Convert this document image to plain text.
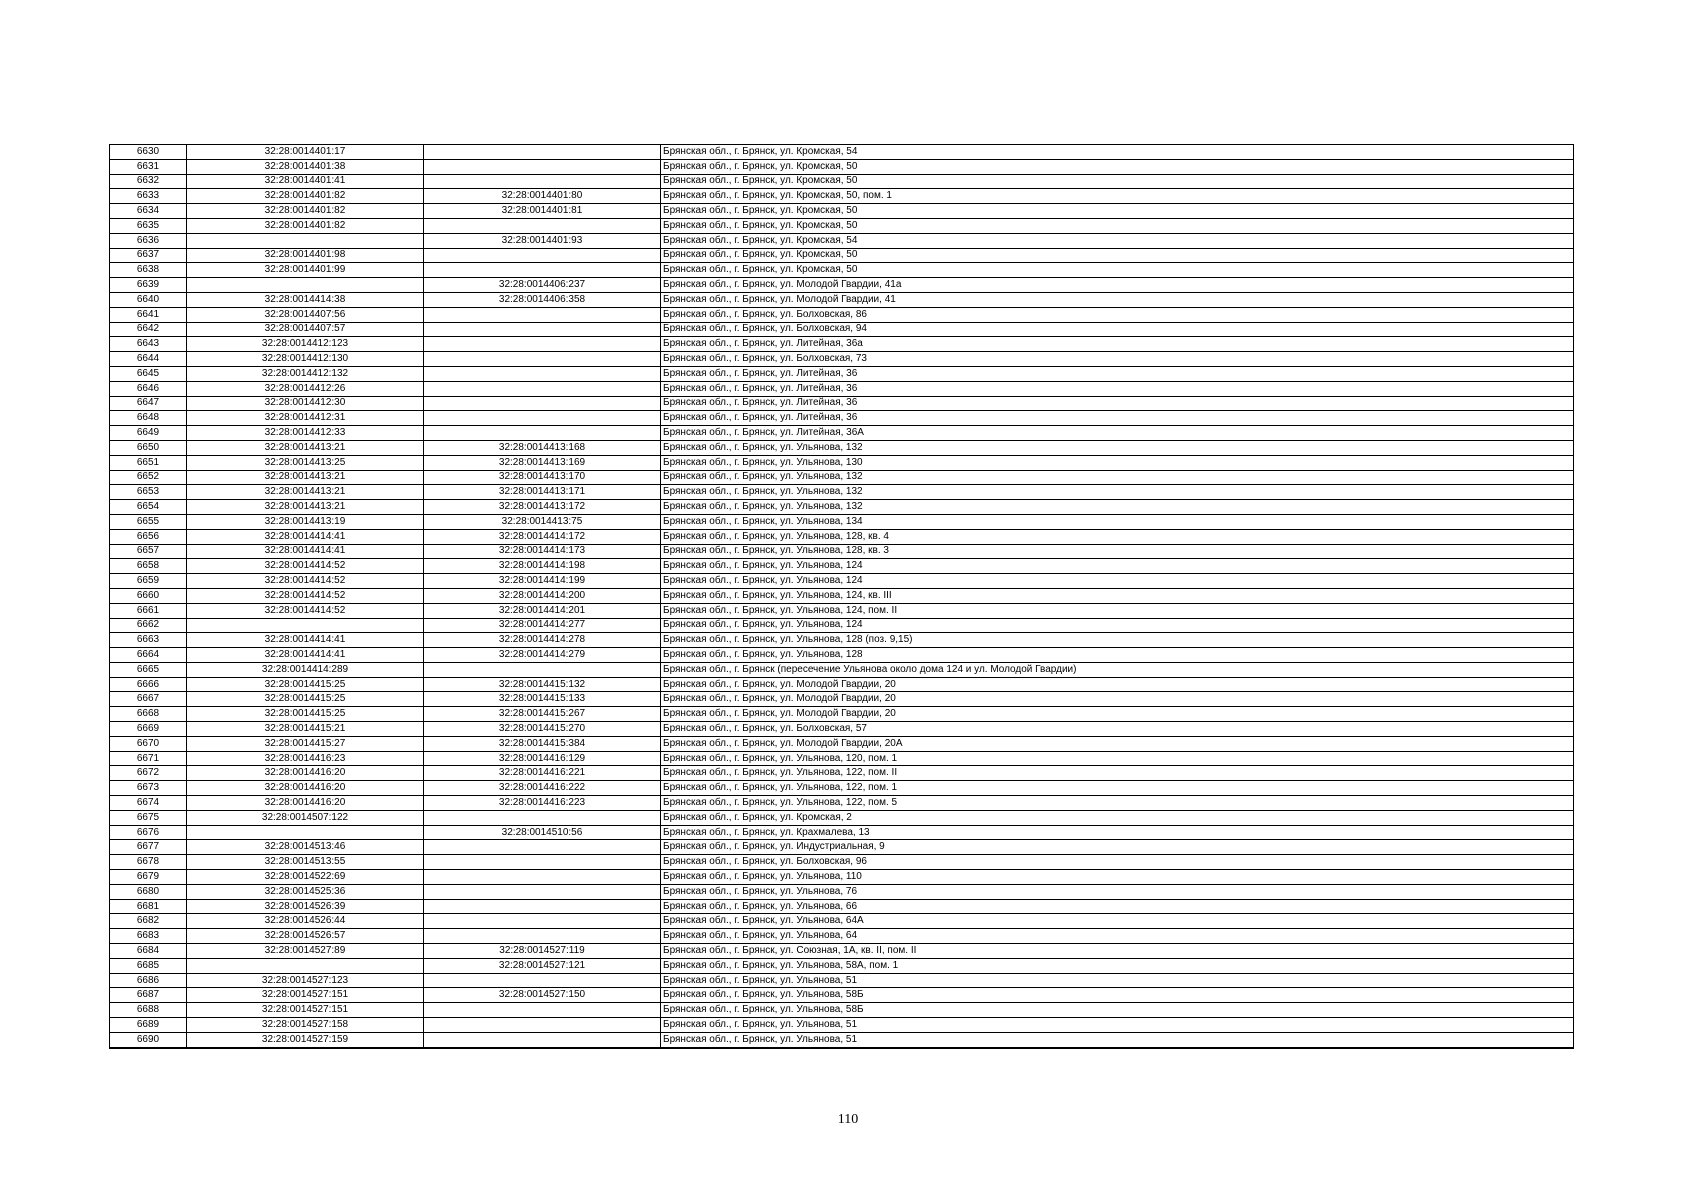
6630	32:28:0014401:17		Брянская обл., г. Брянск, ул. Кромская, 54
6631	32:28:0014401:38		Брянская обл., г. Брянск, ул. Кромская, 50
6632	32:28:0014401:41		Брянская обл., г. Брянск, ул. Кромская, 50
6633	32:28:0014401:82	32:28:0014401:80	Брянская обл., г. Брянск, ул. Кромская, 50, пом. 1
6634	32:28:0014401:82	32:28:0014401:81	Брянская обл., г. Брянск, ул. Кромская, 50
6635	32:28:0014401:82		Брянская обл., г. Брянск, ул. Кромская, 50
6636		32:28:0014401:93	Брянская обл., г. Брянск, ул. Кромская, 54
6637	32:28:0014401:98		Брянская обл., г. Брянск, ул. Кромская, 50
6638	32:28:0014401:99		Брянская обл., г. Брянск, ул. Кромская, 50
6639		32:28:0014406:237	Брянская обл., г. Брянск, ул. Молодой Гвардии, 41а
6640	32:28:0014414:38	32:28:0014406:358	Брянская обл., г. Брянск, ул. Молодой Гвардии, 41
6641	32:28:0014407:56		Брянская обл., г. Брянск, ул. Болховская, 86
6642	32:28:0014407:57		Брянская обл., г. Брянск, ул. Болховская, 94
6643	32:28:0014412:123		Брянская обл., г. Брянск, ул. Литейная, 36а
6644	32:28:0014412:130		Брянская обл., г. Брянск, ул. Болховская, 73
6645	32:28:0014412:132		Брянская обл., г. Брянск, ул. Литейная, 36
6646	32:28:0014412:26		Брянская обл., г. Брянск, ул. Литейная, 36
6647	32:28:0014412:30		Брянская обл., г. Брянск, ул. Литейная, 36
6648	32:28:0014412:31		Брянская обл., г. Брянск, ул. Литейная, 36
6649	32:28:0014412:33		Брянская обл., г. Брянск, ул. Литейная, 36А
6650	32:28:0014413:21	32:28:0014413:168	Брянская обл., г. Брянск, ул. Ульянова, 132
6651	32:28:0014413:25	32:28:0014413:169	Брянская обл., г. Брянск, ул. Ульянова, 130
6652	32:28:0014413:21	32:28:0014413:170	Брянская обл., г. Брянск, ул. Ульянова, 132
6653	32:28:0014413:21	32:28:0014413:171	Брянская обл., г. Брянск, ул. Ульянова, 132
6654	32:28:0014413:21	32:28:0014413:172	Брянская обл., г. Брянск, ул. Ульянова, 132
6655	32:28:0014413:19	32:28:0014413:75	Брянская обл., г. Брянск, ул. Ульянова, 134
6656	32:28:0014414:41	32:28:0014414:172	Брянская обл., г. Брянск, ул. Ульянова, 128, кв. 4
6657	32:28:0014414:41	32:28:0014414:173	Брянская обл., г. Брянск, ул. Ульянова, 128, кв. 3
6658	32:28:0014414:52	32:28:0014414:198	Брянская обл., г. Брянск, ул. Ульянова, 124
6659	32:28:0014414:52	32:28:0014414:199	Брянская обл., г. Брянск, ул. Ульянова, 124
6660	32:28:0014414:52	32:28:0014414:200	Брянская обл., г. Брянск, ул. Ульянова, 124, кв. III
6661	32:28:0014414:52	32:28:0014414:201	Брянская обл., г. Брянск, ул. Ульянова, 124, пом. II
6662		32:28:0014414:277	Брянская обл., г. Брянск, ул. Ульянова, 124
6663	32:28:0014414:41	32:28:0014414:278	Брянская обл., г. Брянск, ул. Ульянова, 128 (поз. 9,15)
6664	32:28:0014414:41	32:28:0014414:279	Брянская обл., г. Брянск, ул. Ульянова, 128
6665	32:28:0014414:289		Брянская обл., г. Брянск (пересечение Ульянова около дома 124 и ул. Молодой Гвардии)
6666	32:28:0014415:25	32:28:0014415:132	Брянская обл., г. Брянск, ул. Молодой Гвардии, 20
6667	32:28:0014415:25	32:28:0014415:133	Брянская обл., г. Брянск, ул. Молодой Гвардии, 20
6668	32:28:0014415:25	32:28:0014415:267	Брянская обл., г. Брянск, ул. Молодой Гвардии, 20
6669	32:28:0014415:21	32:28:0014415:270	Брянская обл., г. Брянск, ул. Болховская, 57
6670	32:28:0014415:27	32:28:0014415:384	Брянская обл., г. Брянск, ул. Молодой Гвардии, 20А
6671	32:28:0014416:23	32:28:0014416:129	Брянская обл., г. Брянск, ул. Ульянова, 120, пом. 1
6672	32:28:0014416:20	32:28:0014416:221	Брянская обл., г. Брянск, ул. Ульянова, 122, пом. II
6673	32:28:0014416:20	32:28:0014416:222	Брянская обл., г. Брянск, ул. Ульянова, 122, пом. 1
6674	32:28:0014416:20	32:28:0014416:223	Брянская обл., г. Брянск, ул. Ульянова, 122, пом. 5
6675	32:28:0014507:122		Брянская обл., г. Брянск, ул. Кромская, 2
6676		32:28:0014510:56	Брянская обл., г. Брянск, ул. Крахмалева, 13
6677	32:28:0014513:46		Брянская обл., г. Брянск, ул. Индустриальная, 9
6678	32:28:0014513:55		Брянская обл., г. Брянск, ул. Болховская, 96
6679	32:28:0014522:69		Брянская обл., г. Брянск, ул. Ульянова, 110
6680	32:28:0014525:36		Брянская обл., г. Брянск, ул. Ульянова, 76
6681	32:28:0014526:39		Брянская обл., г. Брянск, ул. Ульянова, 66
6682	32:28:0014526:44		Брянская обл., г. Брянск, ул. Ульянова, 64А
6683	32:28:0014526:57		Брянская обл., г. Брянск, ул. Ульянова, 64
6684	32:28:0014527:89	32:28:0014527:119	Брянская обл., г. Брянск, ул. Союзная, 1А, кв. II, пом. II
6685		32:28:0014527:121	Брянская обл., г. Брянск, ул. Ульянова, 58А, пом. 1
6686	32:28:0014527:123		Брянская обл., г. Брянск, ул. Ульянова, 51
6687	32:28:0014527:151	32:28:0014527:150	Брянская обл., г. Брянск, ул. Ульянова, 58Б
6688	32:28:0014527:151		Брянская обл., г. Брянск, ул. Ульянова, 58Б
6689	32:28:0014527:158		Брянская обл., г. Брянск, ул. Ульянова, 51
6690	32:28:0014527:159		Брянская обл., г. Брянск, ул. Ульянова, 51
110
